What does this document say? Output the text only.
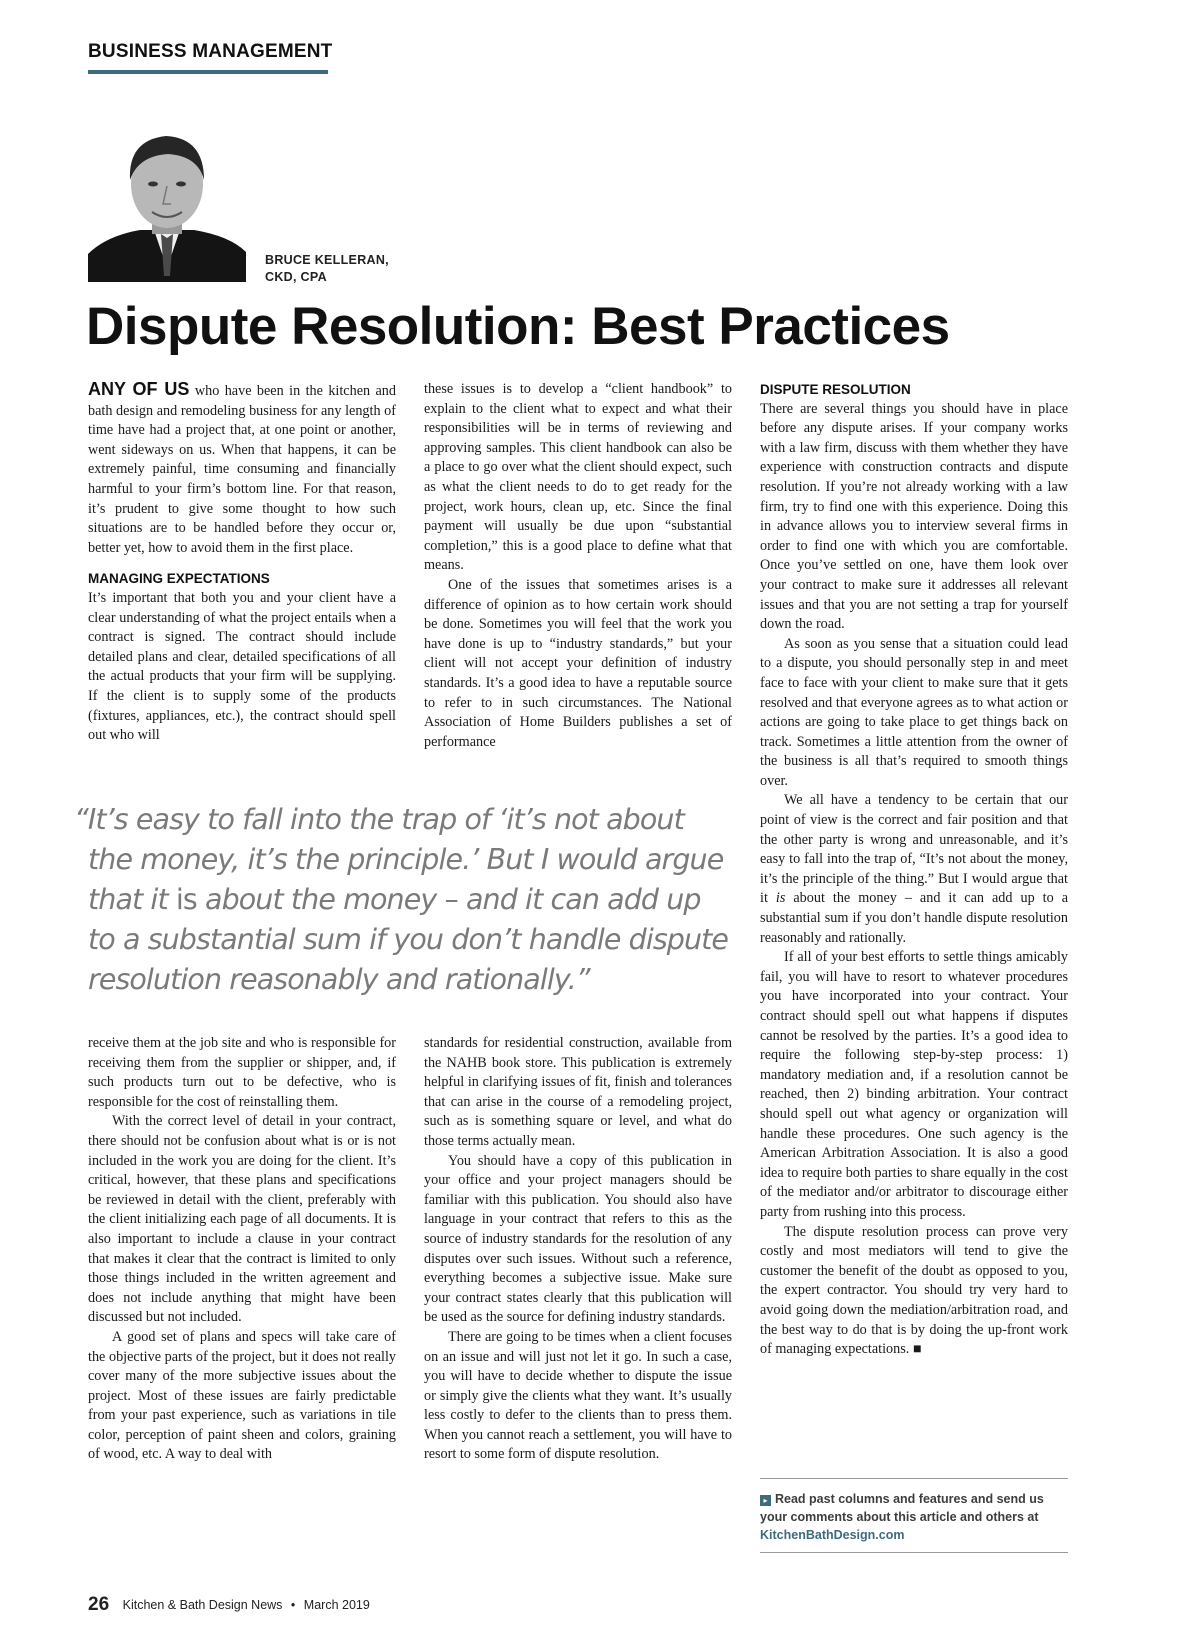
BUSINESS MANAGEMENT
BRUCE KELLERAN,
CKD, CPA
Dispute Resolution: Best Practices

ANY OF US who have been in the kitchen and bath design and remodeling business for any length of time have had a project that, at one point or another, went sideways on us. When that happens, it can be extremely painful, time consuming and financially harmful to your firm’s bottom line. For that reason, it’s prudent to give some thought to how such situations are to be handled before they occur or, better yet, how to avoid them in the first place.

MANAGING EXPECTATIONS

It’s important that both you and your client have a clear understanding of what the project entails when a contract is signed. The contract should include detailed plans and clear, detailed specifications of all the actual products that your firm will be supplying. If the client is to supply some of the products (fixtures, appliances, etc.), the contract should spell out who will

these issues is to develop a “client handbook” to explain to the client what to expect and what their responsibilities will be in terms of reviewing and approving samples. This client handbook can also be a place to go over what the client should expect, such as what the client needs to do to get ready for the project, work hours, clean up, etc. Since the final payment will usually be due upon “substantial completion,” this is a good place to define what that means.

One of the issues that sometimes arises is a difference of opinion as to how certain work should be done. Sometimes you will feel that the work you have done is up to “industry standards,” but your client will not accept your definition of industry standards. It’s a good idea to have a reputable source to refer to in such circumstances. The National Association of Home Builders publishes a set of performance

DISPUTE RESOLUTION

There are several things you should have in place before any dispute arises. If your company works with a law firm, discuss with them whether they have experience with construction contracts and dispute resolution. If you’re not already working with a law firm, try to find one with this experience. Doing this in advance allows you to interview several firms in order to find one with which you are comfortable. Once you’ve settled on one, have them look over your contract to make sure it addresses all relevant issues and that you are not setting a trap for yourself down the road.

As soon as you sense that a situation could lead to a dispute, you should personally step in and meet face to face with your client to make sure that it gets resolved and that everyone agrees as to what action or actions are going to take place to get things back on track. Sometimes a little attention from the owner of the business is all that’s required to smooth things over.

We all have a tendency to be certain that our point of view is the correct and fair position and that the other party is wrong and unreasonable, and it’s easy to fall into the trap of, “It’s not about the money, it’s the principle of the thing.” But I would argue that it is about the money – and it can add up to a substantial sum if you don’t handle dispute resolution reasonably and rationally.

If all of your best efforts to settle things amicably fail, you will have to resort to whatever procedures you have incorporated into your contract. Your contract should spell out what happens if disputes cannot be resolved by the parties. It’s a good idea to require the following step-by-step process: 1) mandatory mediation and, if a resolution cannot be reached, then 2) binding arbitration. Your contract should spell out what agency or organization will handle these procedures. One such agency is the American Arbitration Association. It is also a good idea to require both parties to share equally in the cost of the mediator and/or arbitrator to discourage either party from rushing into this process.

The dispute resolution process can prove very costly and most mediators will tend to give the customer the benefit of the doubt as opposed to you, the expert contractor. You should try very hard to avoid going down the mediation/arbitration road, and the best way to do that is by doing the up-front work of managing expectations. ■

“It’s easy to fall into the trap of ‘it’s not about
the money, it’s the principle.’ But I would argue
that it is about the money – and it can add up
to a substantial sum if you don’t handle dispute
resolution reasonably and rationally.”

receive them at the job site and who is responsible for receiving them from the supplier or shipper, and, if such products turn out to be defective, who is responsible for the cost of reinstalling them.

With the correct level of detail in your contract, there should not be confusion about what is or is not included in the work you are doing for the client. It’s critical, however, that these plans and specifications be reviewed in detail with the client, preferably with the client initializing each page of all documents. It is also important to include a clause in your contract that makes it clear that the contract is limited to only those things included in the written agreement and does not include anything that might have been discussed but not included.

A good set of plans and specs will take care of the objective parts of the project, but it does not really cover many of the more subjective issues about the project. Most of these issues are fairly predictable from your past experience, such as variations in tile color, perception of paint sheen and colors, graining of wood, etc. A way to deal with

standards for residential construction, available from the NAHB book store. This publication is extremely helpful in clarifying issues of fit, finish and tolerances that can arise in the course of a remodeling project, such as is something square or level, and what do those terms actually mean.

You should have a copy of this publication in your office and your project managers should be familiar with this publication. You should also have language in your contract that refers to this as the source of industry standards for the resolution of any disputes over such issues. Without such a reference, everything becomes a subjective issue. Make sure your contract states clearly that this publication will be used as the source for defining industry standards.

There are going to be times when a client focuses on an issue and will just not let it go. In such a case, you will have to decide whether to dispute the issue or simply give the clients what they want. It’s usually less costly to defer to the clients than to press them. When you cannot reach a settlement, you will have to resort to some form of dispute resolution.

▸ Read past columns and features and send us your comments about this article and others at KitchenBathDesign.com
26 Kitchen & Bath Design News • March 2019
